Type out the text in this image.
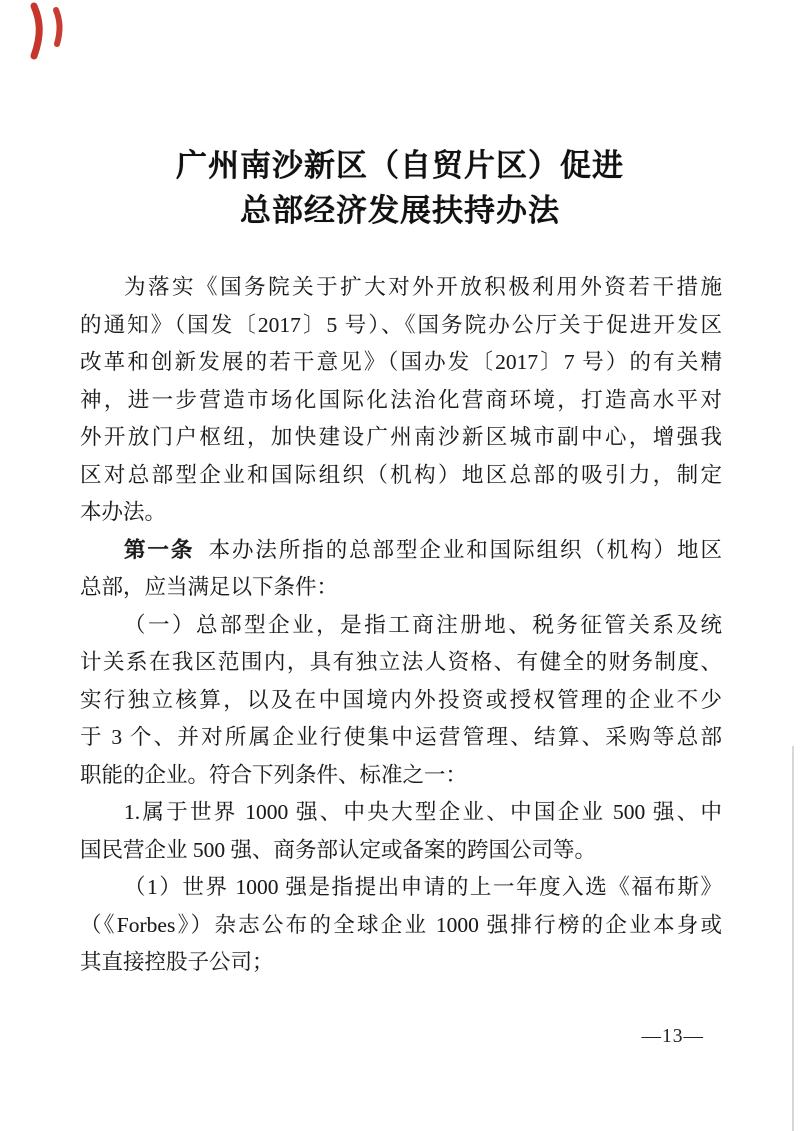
广州南沙新区（自贸片区）促进
总部经济发展扶持办法
为落实《国务院关于扩大对外开放积极利用外资若干措施
的通知》（国发〔2017〕5 号）、《国务院办公厅关于促进开发区
改革和创新发展的若干意见》（国办发〔2017〕7 号）的有关精
神，进一步营造市场化国际化法治化营商环境，打造高水平对
外开放门户枢纽，加快建设广州南沙新区城市副中心，增强我
区对总部型企业和国际组织（机构）地区总部的吸引力，制定
本办法。
第一条 本办法所指的总部型企业和国际组织（机构）地区
总部，应当满足以下条件：
（一）总部型企业，是指工商注册地、税务征管关系及统
计关系在我区范围内，具有独立法人资格、有健全的财务制度、
实行独立核算，以及在中国境内外投资或授权管理的企业不少
于 3 个、并对所属企业行使集中运营管理、结算、采购等总部
职能的企业。符合下列条件、标准之一：
1.属于世界 1000 强、中央大型企业、中国企业 500 强、中
国民营企业 500 强、商务部认定或备案的跨国公司等。
（1）世界 1000 强是指提出申请的上一年度入选《福布斯》
（《Forbes》）杂志公布的全球企业 1000 强排行榜的企业本身或
其直接控股子公司；
—13—
